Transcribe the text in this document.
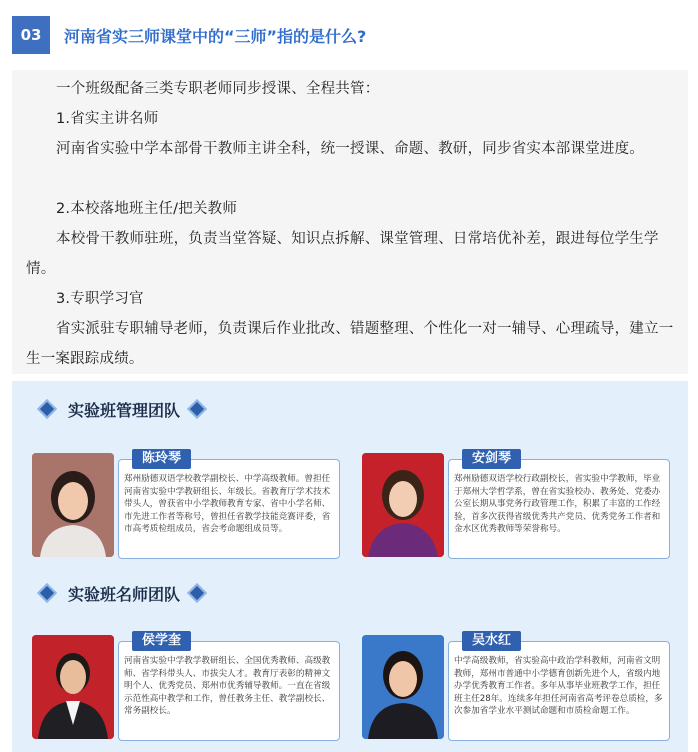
03	河南省实三师课堂中的“三师”指的是什么?
一个班级配备三类专职老师同步授课、全程共管：
1.省实主讲名师
河南省实验中学本部骨干教师主讲全科，统一授课、命题、教研，同步省实本部课堂进度。
2.本校落地班主任/把关教师
本校骨干教师驻班，负责当堂答疑、知识点拆解、课堂管理、日常培优补差，跟进每位学生学情。
3.专职学习官
省实派驻专职辅导老师，负责课后作业批改、错题整理、个性化一对一辅导、心理疏导，建立一生一案跟踪成绩。
实验班管理团队
陈玲琴
郑州励德双语学校教学副校长、中学高级教师。曾担任河南省实验中学教研组长、年级长。省教育厅学术技术带头人，曾获省中小学教师教育专家、省中小学名师、市先进工作者等称号，曾担任省教学技能竞赛评委，省市高考质检组成员，省会考命题组成员等。
安剑琴
郑州励德双语学校行政副校长，省实验中学教师，毕业于郑州大学哲学系，曾在省实验校办、教务处、党委办公室长期从事党务行政管理工作，积累了丰富的工作经验，首多次获得省级优秀共产党员、优秀党务工作者和金水区优秀教师等荣誉称号。
实验班名师团队
侯学奎
河南省实验中学教学教研组长、全国优秀教师、高级教师、省学科带头人、市拔尖人才。教育厅表彰的精神文明个人、优秀党员、郑州市优秀辅导教师。一直在省级示范性高中教学和工作，曾任教务主任、教学副校长、常务副校长。
吴水红
中学高级教师，省实验高中政治学科教师，河南省文明教师，郑州市普通中小学德育创新先进个人，省级内地办学优秀教育工作者。多年从事毕业班教学工作，担任班主任28年。连续多年担任河南省高考评卷总质检，多次参加省学业水平测试命题和市质检命题工作。
